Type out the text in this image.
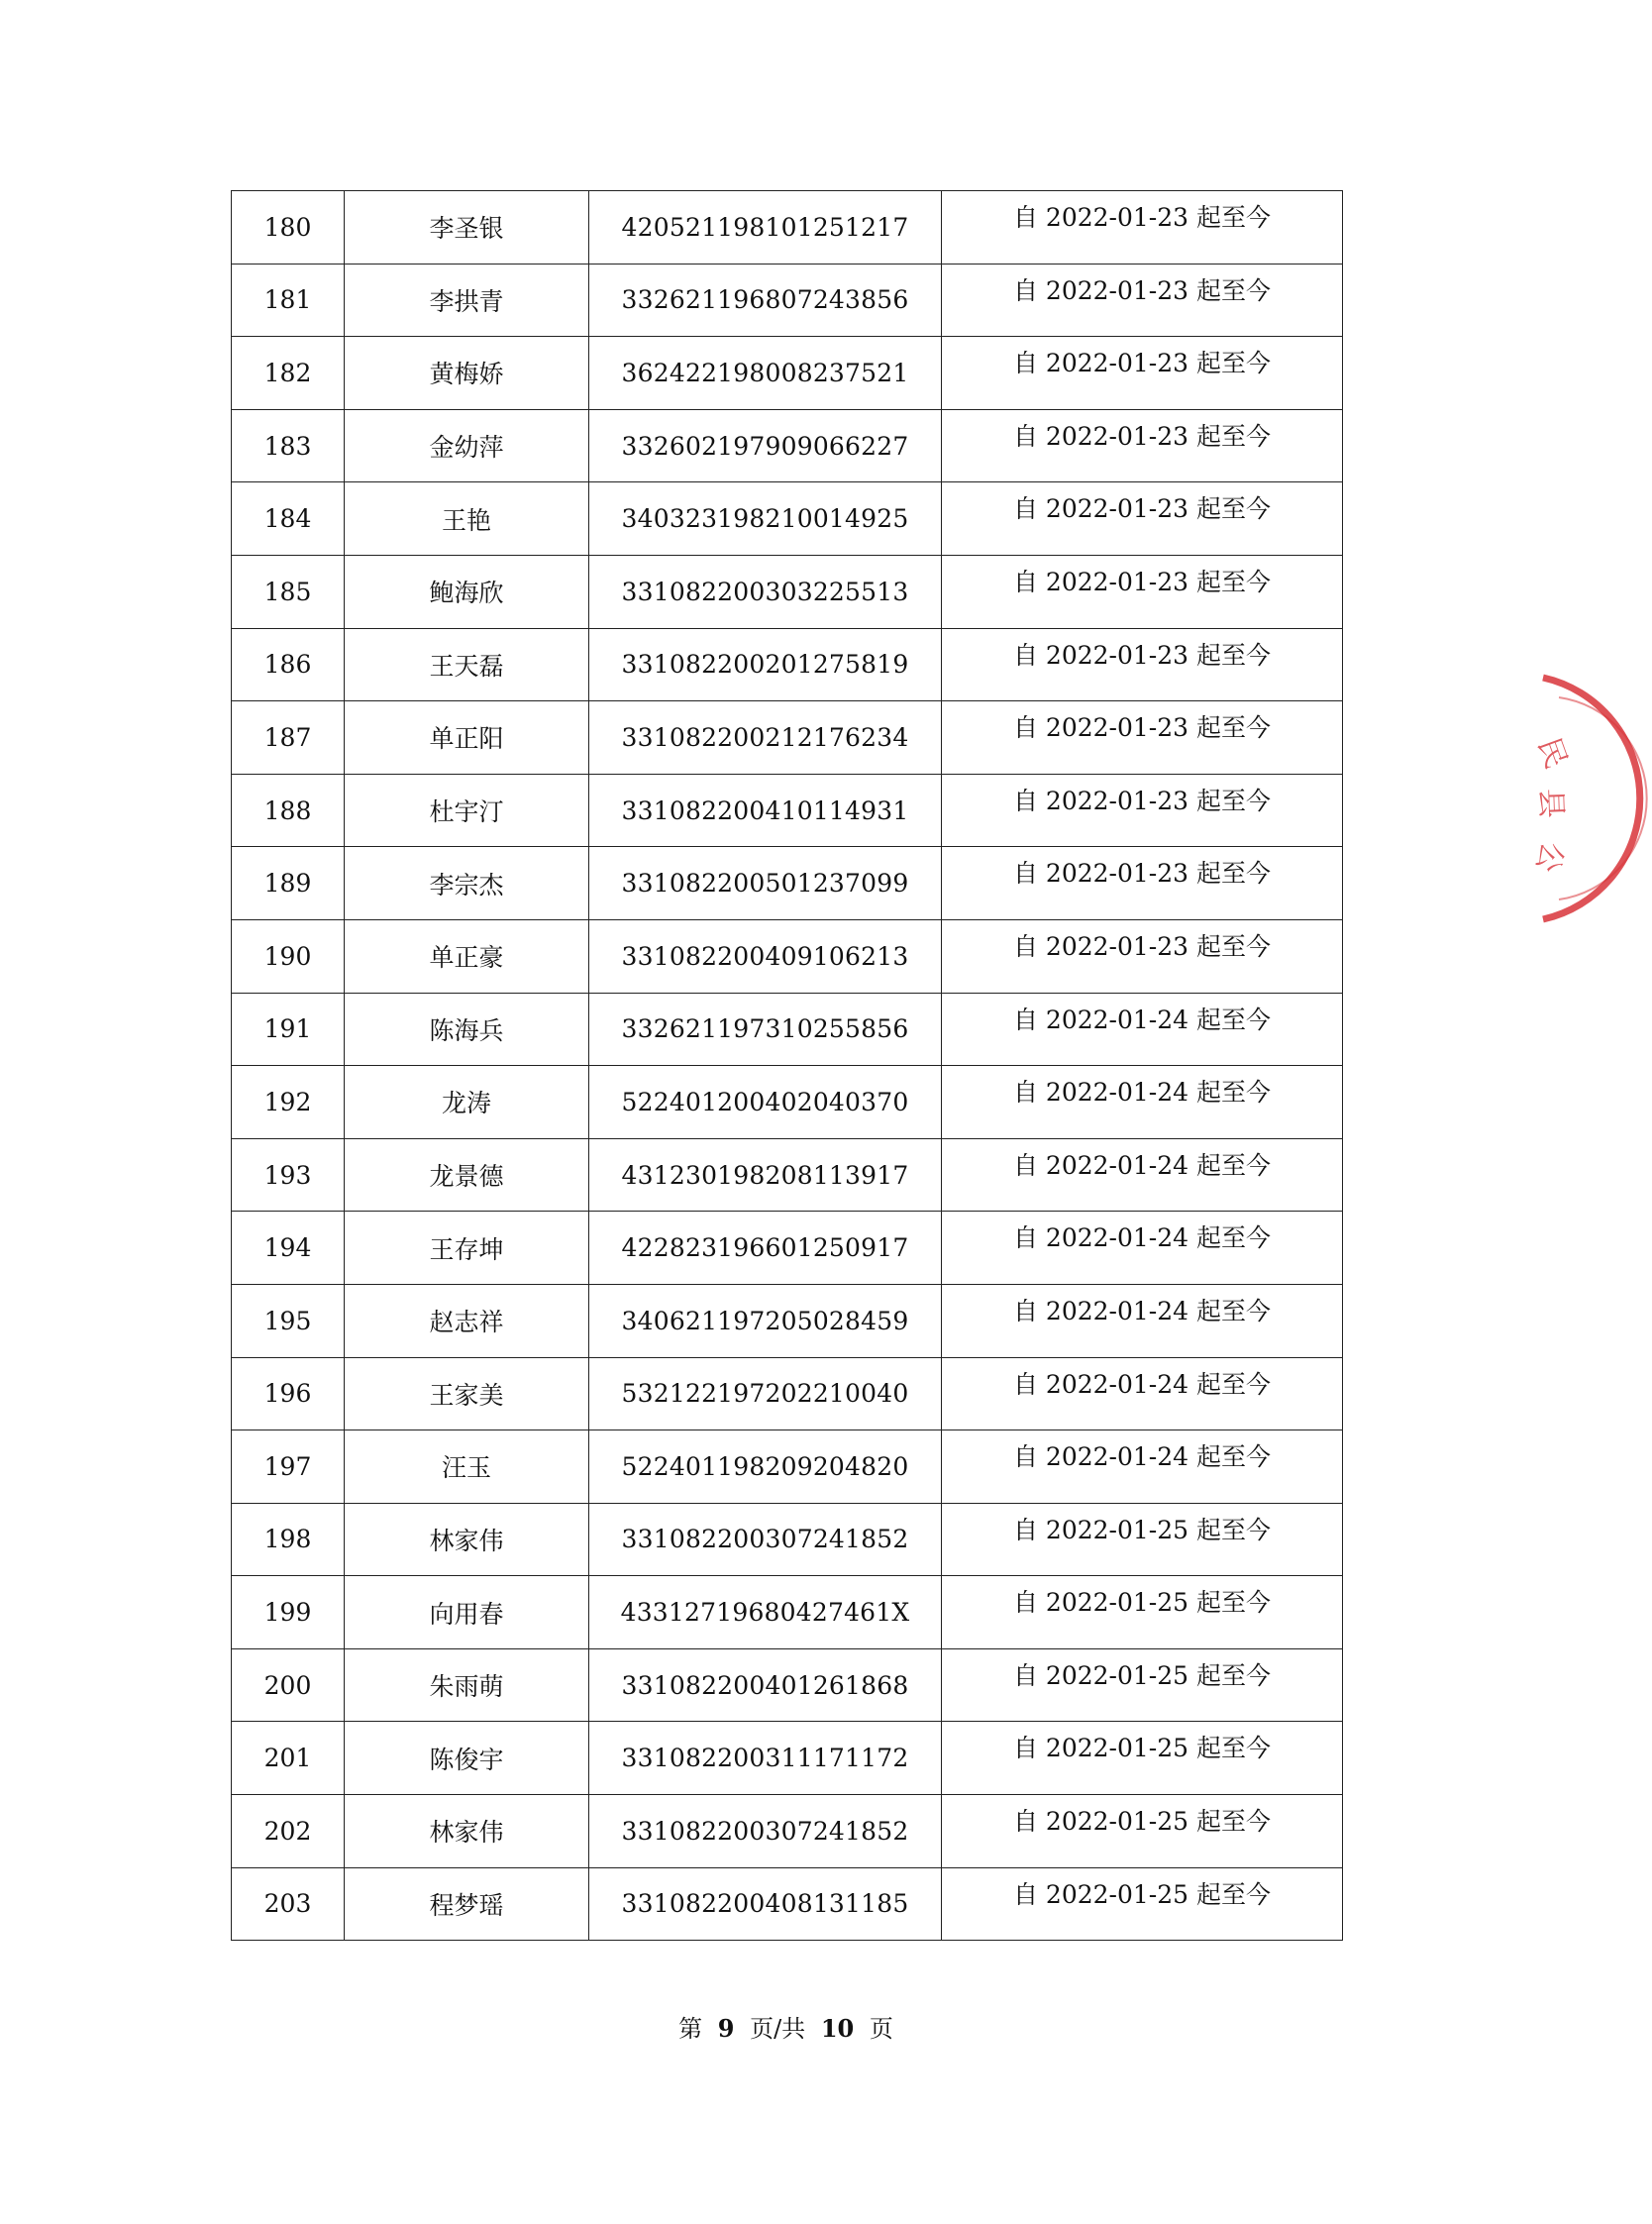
180	李圣银	420521198101251217	自 2022-01-23 起至今
181	李拱青	332621196807243856	自 2022-01-23 起至今
182	黄梅娇	362422198008237521	自 2022-01-23 起至今
183	金幼萍	332602197909066227	自 2022-01-23 起至今
184	王艳	340323198210014925	自 2022-01-23 起至今
185	鲍海欣	331082200303225513	自 2022-01-23 起至今
186	王天磊	331082200201275819	自 2022-01-23 起至今
187	单正阳	331082200212176234	自 2022-01-23 起至今
188	杜宇汀	331082200410114931	自 2022-01-23 起至今
189	李宗杰	331082200501237099	自 2022-01-23 起至今
190	单正豪	331082200409106213	自 2022-01-23 起至今
191	陈海兵	332621197310255856	自 2022-01-24 起至今
192	龙涛	522401200402040370	自 2022-01-24 起至今
193	龙景德	431230198208113917	自 2022-01-24 起至今
194	王存坤	422823196601250917	自 2022-01-24 起至今
195	赵志祥	340621197205028459	自 2022-01-24 起至今
196	王家美	532122197202210040	自 2022-01-24 起至今
197	汪玉	522401198209204820	自 2022-01-24 起至今
198	林家伟	331082200307241852	自 2022-01-25 起至今
199	向用春	43312719680427461X	自 2022-01-25 起至今
200	朱雨萌	331082200401261868	自 2022-01-25 起至今
201	陈俊宇	331082200311171172	自 2022-01-25 起至今
202	林家伟	331082200307241852	自 2022-01-25 起至今
203	程梦瑶	331082200408131185	自 2022-01-25 起至今
第 9 页/共 10 页
民
县
公
